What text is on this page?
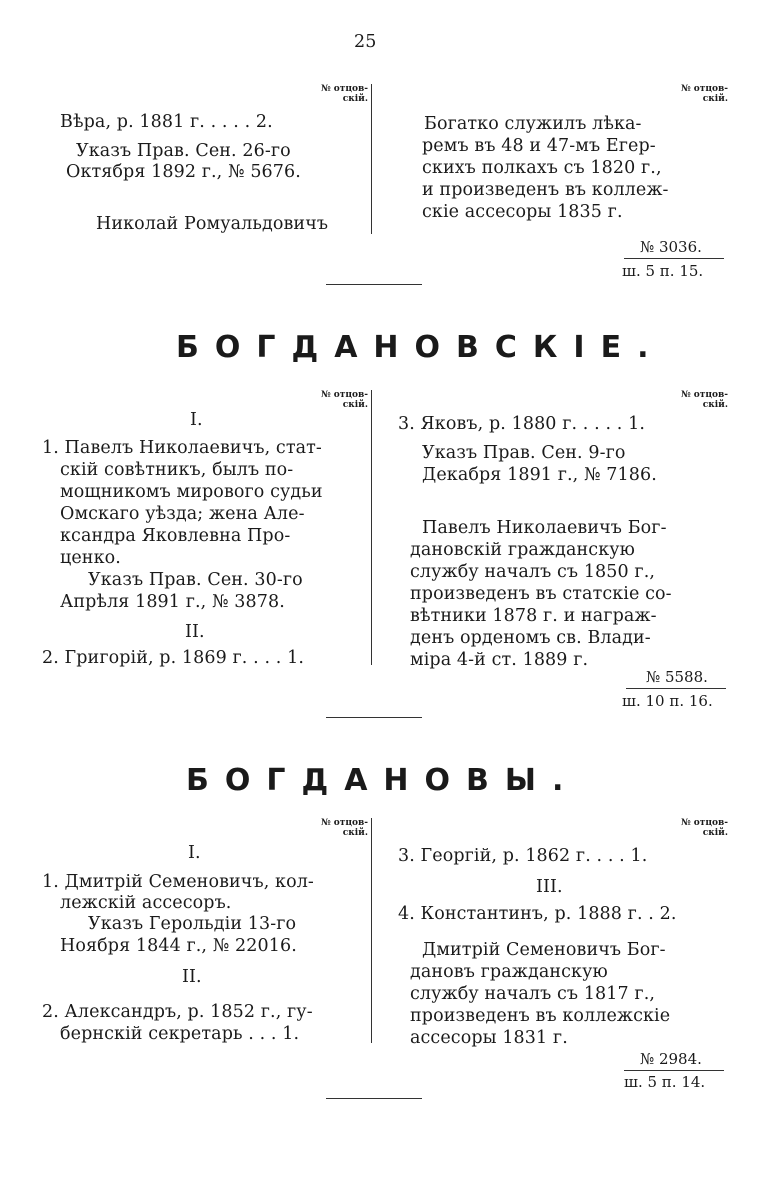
25
№ отцов-
скій.
№ отцов-
скій.
Вѣра, р. 1881 г. . . . . 2.
Указъ Прав. Сен. 26-го
Октября 1892 г., № 5676.
Николай Ромуальдовичъ
Богатко служилъ лѣка-
ремъ въ 48 и 47-мъ Егер-
скихъ полкахъ съ 1820 г.,
и произведенъ въ коллеж-
скіе ассесоры 1835 г.
№ 3036.
ш. 5 п. 15.
БОГДАНОВСКІЕ.
№ отцов-
скій.
№ отцов-
скій.
I.
1. Павелъ Николаевичъ, стат-
скій совѣтникъ, былъ по-
мощникомъ мирового судьи
Омскаго уѣзда; жена Але-
ксандра Яковлевна Про-
ценко.
Указъ Прав. Сен. 30-го
Апрѣля 1891 г., № 3878.
II.
2. Григорій, р. 1869 г. . . . 1.
3. Яковъ, р. 1880 г. . . . . 1.
Указъ Прав. Сен. 9-го
Декабря 1891 г., № 7186.
Павелъ Николаевичъ Бог-
дановскій гражданскую
службу началъ съ 1850 г.,
произведенъ въ статскіе со-
вѣтники 1878 г. и награж-
денъ орденомъ св. Влади-
міра 4-й ст. 1889 г.
№ 5588.
ш. 10 п. 16.
БОГДАНОВЫ.
№ отцов-
скій.
№ отцов-
скій.
I.
1. Дмитрій Семеновичъ, кол-
лежскій ассесоръ.
Указъ Герольдіи 13-го
Ноября 1844 г., № 22016.
II.
2. Александръ, р. 1852 г., гу-
бернскій секретарь . . . 1.
3. Георгій, р. 1862 г. . . . 1.
III.
4. Константинъ, р. 1888 г. . 2.
Дмитрій Семеновичъ Бог-
дановъ гражданскую
службу началъ съ 1817 г.,
произведенъ въ коллежскіе
ассесоры 1831 г.
№ 2984.
ш. 5 п. 14.
